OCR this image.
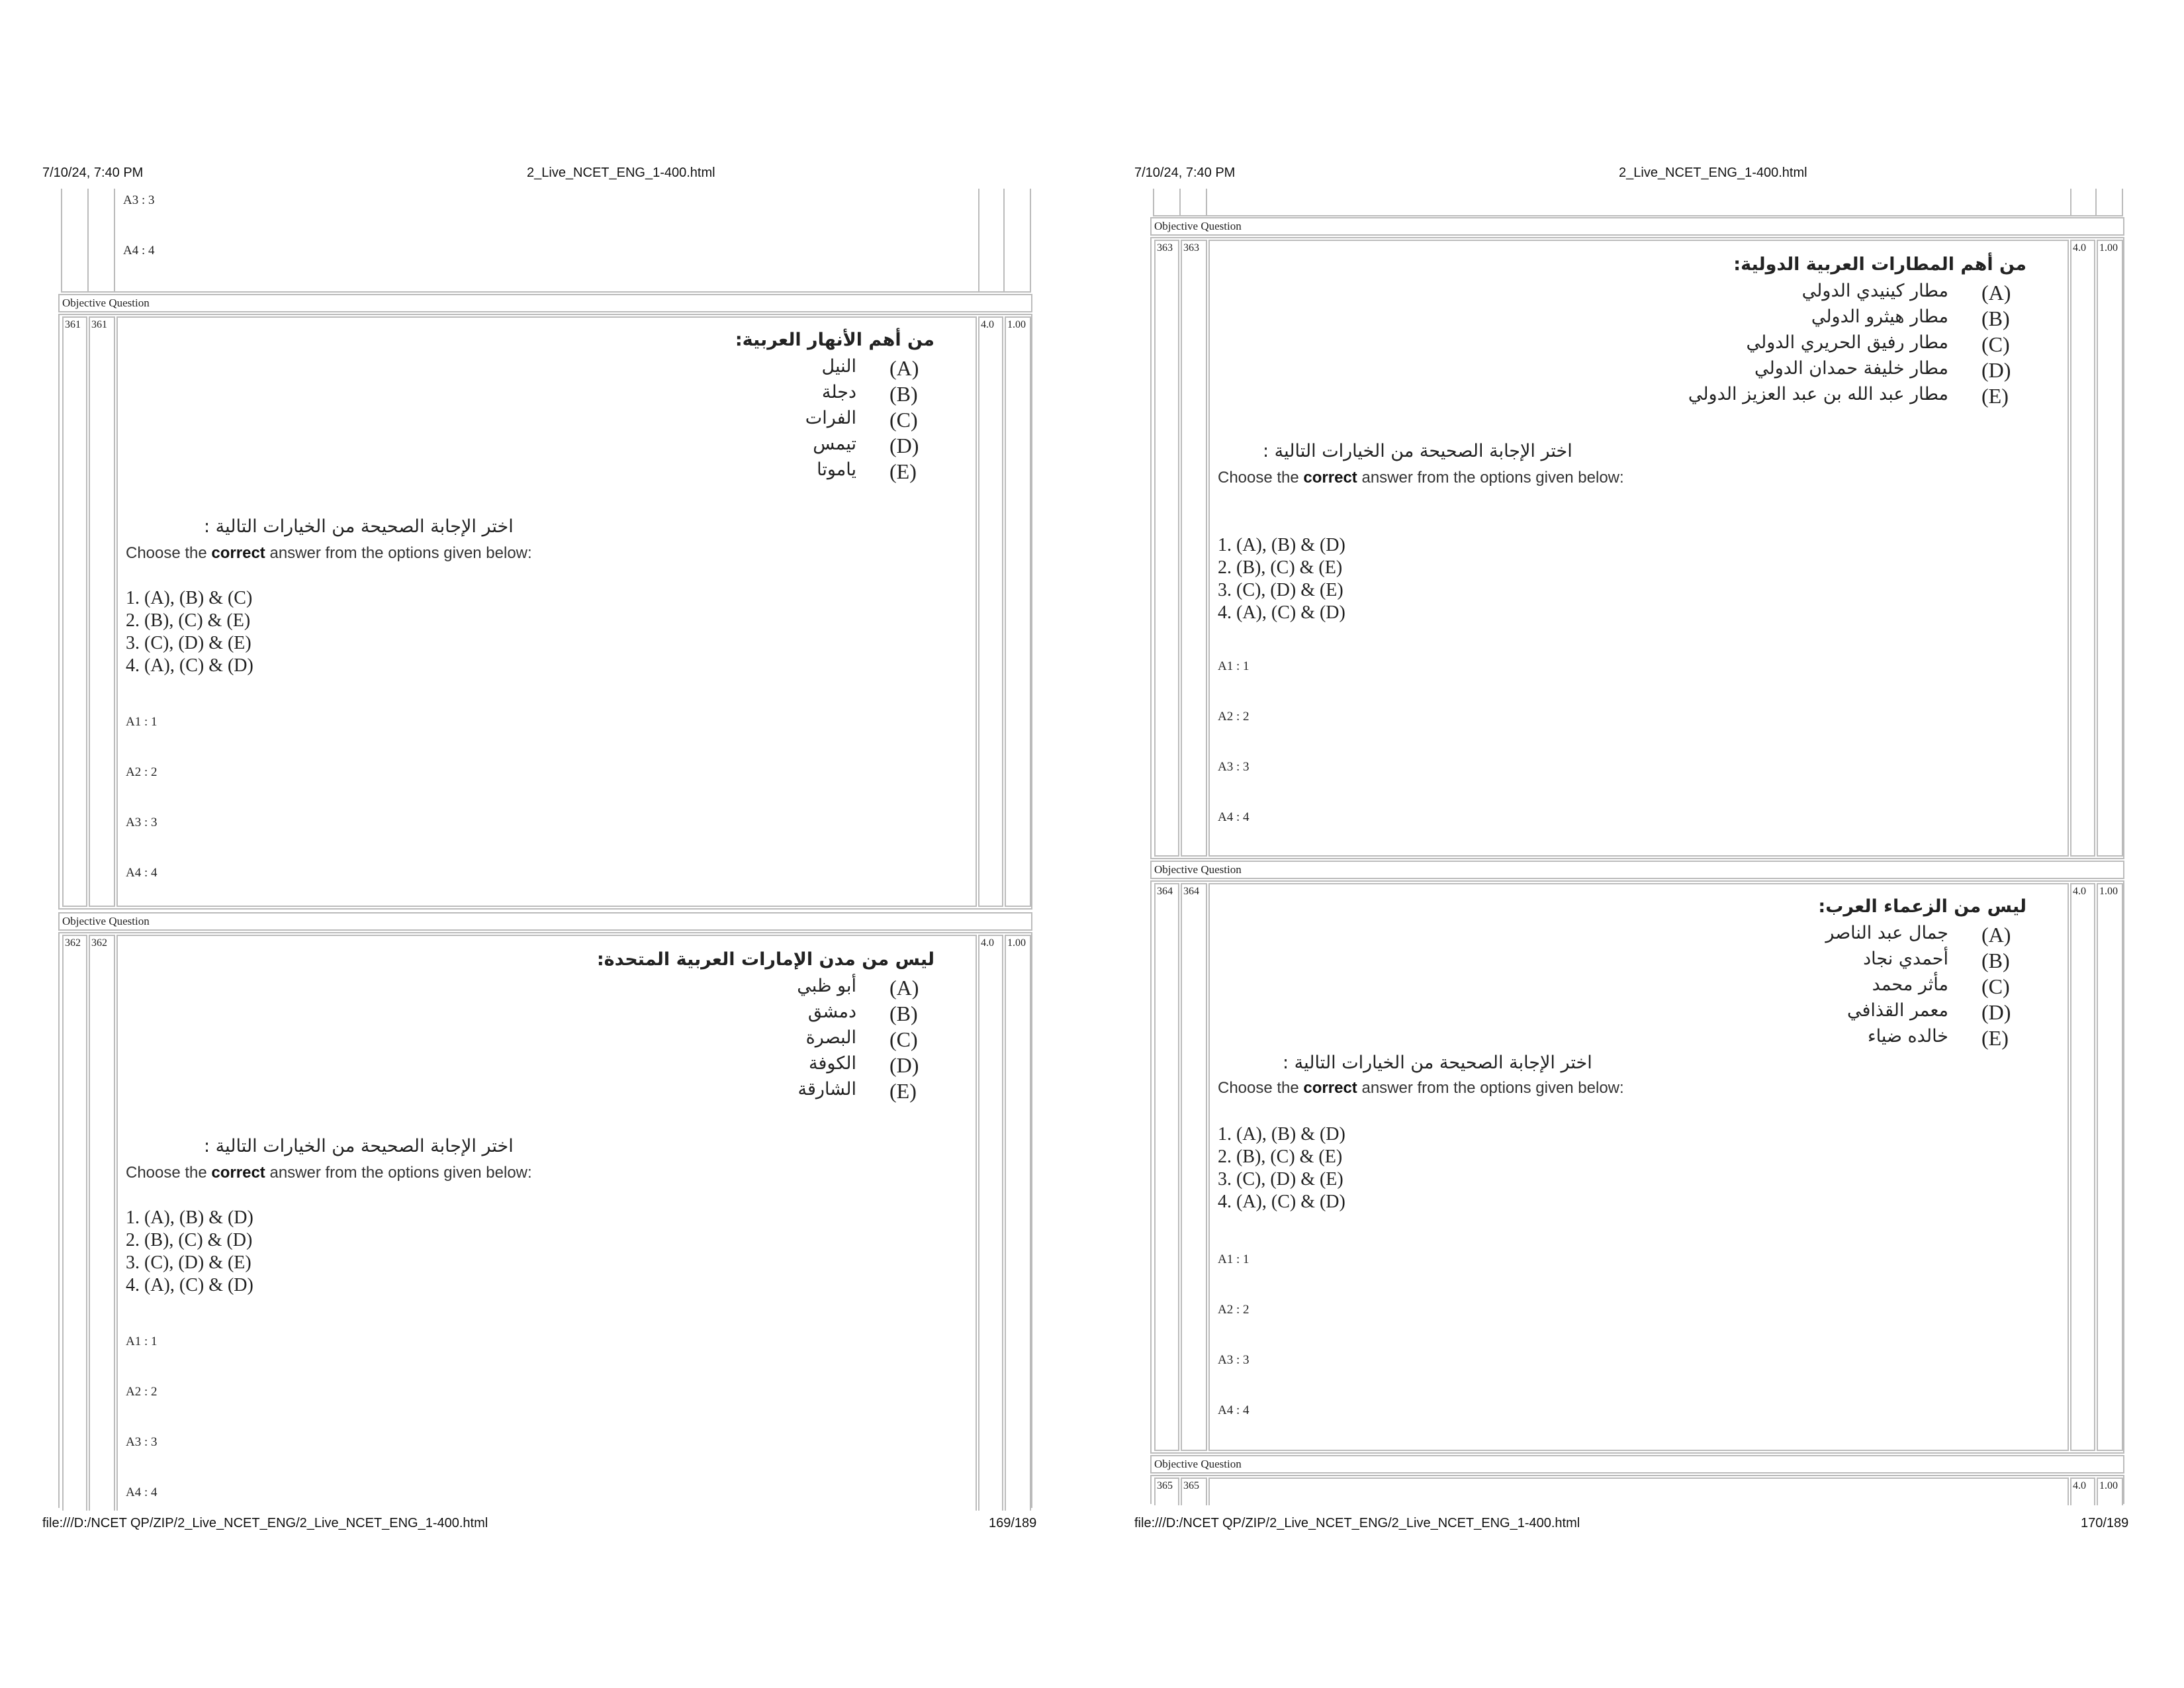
7/10/24, 7:40 PM	2_Live_NCET_ENG_1-400.html
A3 : 3
A4 : 4
Objective Question
361 361
من أهم الأنهار العربية:
(A)
النيل
(B)
دجلة
(C)
الفرات
(D)
تيمس
(E)
ياموتا
اختر الإجابة الصحيحة من الخيارات التالية :
Choose the correct answer from the options given below:
1. (A), (B) & (C)
2. (B), (C) & (E)
3. (C), (D) & (E)
4. (A), (C) & (D)
A1 : 1
A2 : 2
A3 : 3
A4 : 4
4.0 1.00
Objective Question
362 362
ليس من مدن الإمارات العربية المتحدة:
(A)
أبو ظبي
(B)
دمشق
(C)
البصرة
(D)
الكوفة
(E)
الشارقة
اختر الإجابة الصحيحة من الخيارات التالية :
Choose the correct answer from the options given below:
1. (A), (B) & (D)
2. (B), (C) & (D)
3. (C), (D) & (E)
4. (A), (C) & (D)
A1 : 1
A2 : 2
A3 : 3
A4 : 4
4.0 1.00
file:///D:/NCET QP/ZIP/2_Live_NCET_ENG/2_Live_NCET_ENG_1-400.html	169/189
7/10/24, 7:40 PM	2_Live_NCET_ENG_1-400.html
Objective Question
363 363
من أهم المطارات العربية الدولية:
(A)
مطار كينيدي الدولي
(B)
مطار هيثرو الدولي
(C)
مطار رفيق الحريري الدولي
(D)
مطار خليفة حمدان الدولي
(E)
مطار عبد الله بن عبد العزيز الدولي
اختر الإجابة الصحيحة من الخيارات التالية :
Choose the correct answer from the options given below:
1. (A), (B) & (D)
2. (B), (C) & (E)
3. (C), (D) & (E)
4. (A), (C) & (D)
A1 : 1
A2 : 2
A3 : 3
A4 : 4
4.0 1.00
Objective Question
364 364
ليس من الزعماء العرب:
(A)
جمال عبد الناصر
(B)
أحمدي نجاد
(C)
مأثر محمد
(D)
معمر القذافي
(E)
خالده ضياء
اختر الإجابة الصحيحة من الخيارات التالية :
Choose the correct answer from the options given below:
1. (A), (B) & (D)
2. (B), (C) & (E)
3. (C), (D) & (E)
4. (A), (C) & (D)
A1 : 1
A2 : 2
A3 : 3
A4 : 4
4.0 1.00
Objective Question
365 365	4.0 1.00
file:///D:/NCET QP/ZIP/2_Live_NCET_ENG/2_Live_NCET_ENG_1-400.html	170/189
